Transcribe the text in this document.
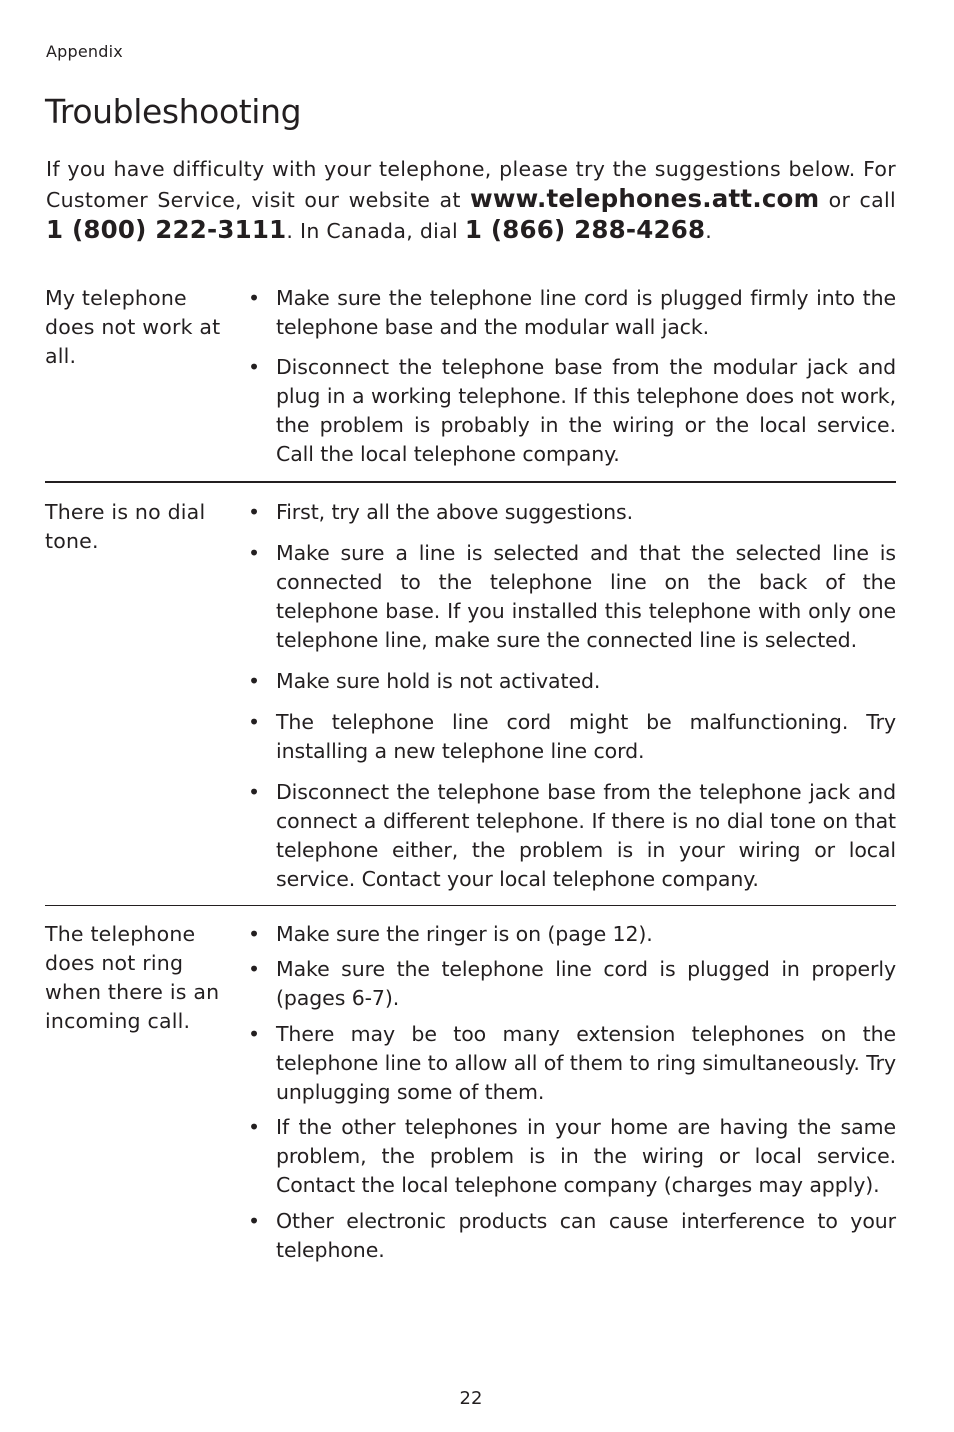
Appendix
Troubleshooting

If you have difficulty with your telephone, please try the suggestions below. For Customer Service, visit our website at www.telephones.att.com or call 1 (800) 222-3111. In Canada, dial 1 (866) 288-4268.

My telephone does not work at all.

• Make sure the telephone line cord is plugged firmly into the telephone base and the modular wall jack.
• Disconnect the telephone base from the modular jack and plug in a working telephone. If this telephone does not work, the problem is probably in the wiring or the local service. Call the local telephone company.

There is no dial tone.

• First, try all the above suggestions.
• Make sure a line is selected and that the selected line is connected to the telephone line on the back of the telephone base. If you installed this telephone with only one telephone line, make sure the connected line is selected.
• Make sure hold is not activated.
• The telephone line cord might be malfunctioning. Try installing a new telephone line cord.
• Disconnect the telephone base from the telephone jack and connect a different telephone. If there is no dial tone on that telephone either, the problem is in your wiring or local service. Contact your local telephone company.

The telephone does not ring when there is an incoming call.

• Make sure the ringer is on (page 12).
• Make sure the telephone line cord is plugged in properly (pages 6-7).
• There may be too many extension telephones on the telephone line to allow all of them to ring simultaneously. Try unplugging some of them.
• If the other telephones in your home are having the same problem, the problem is in the wiring or local service. Contact the local telephone company (charges may apply).
• Other electronic products can cause interference to your telephone.
22
